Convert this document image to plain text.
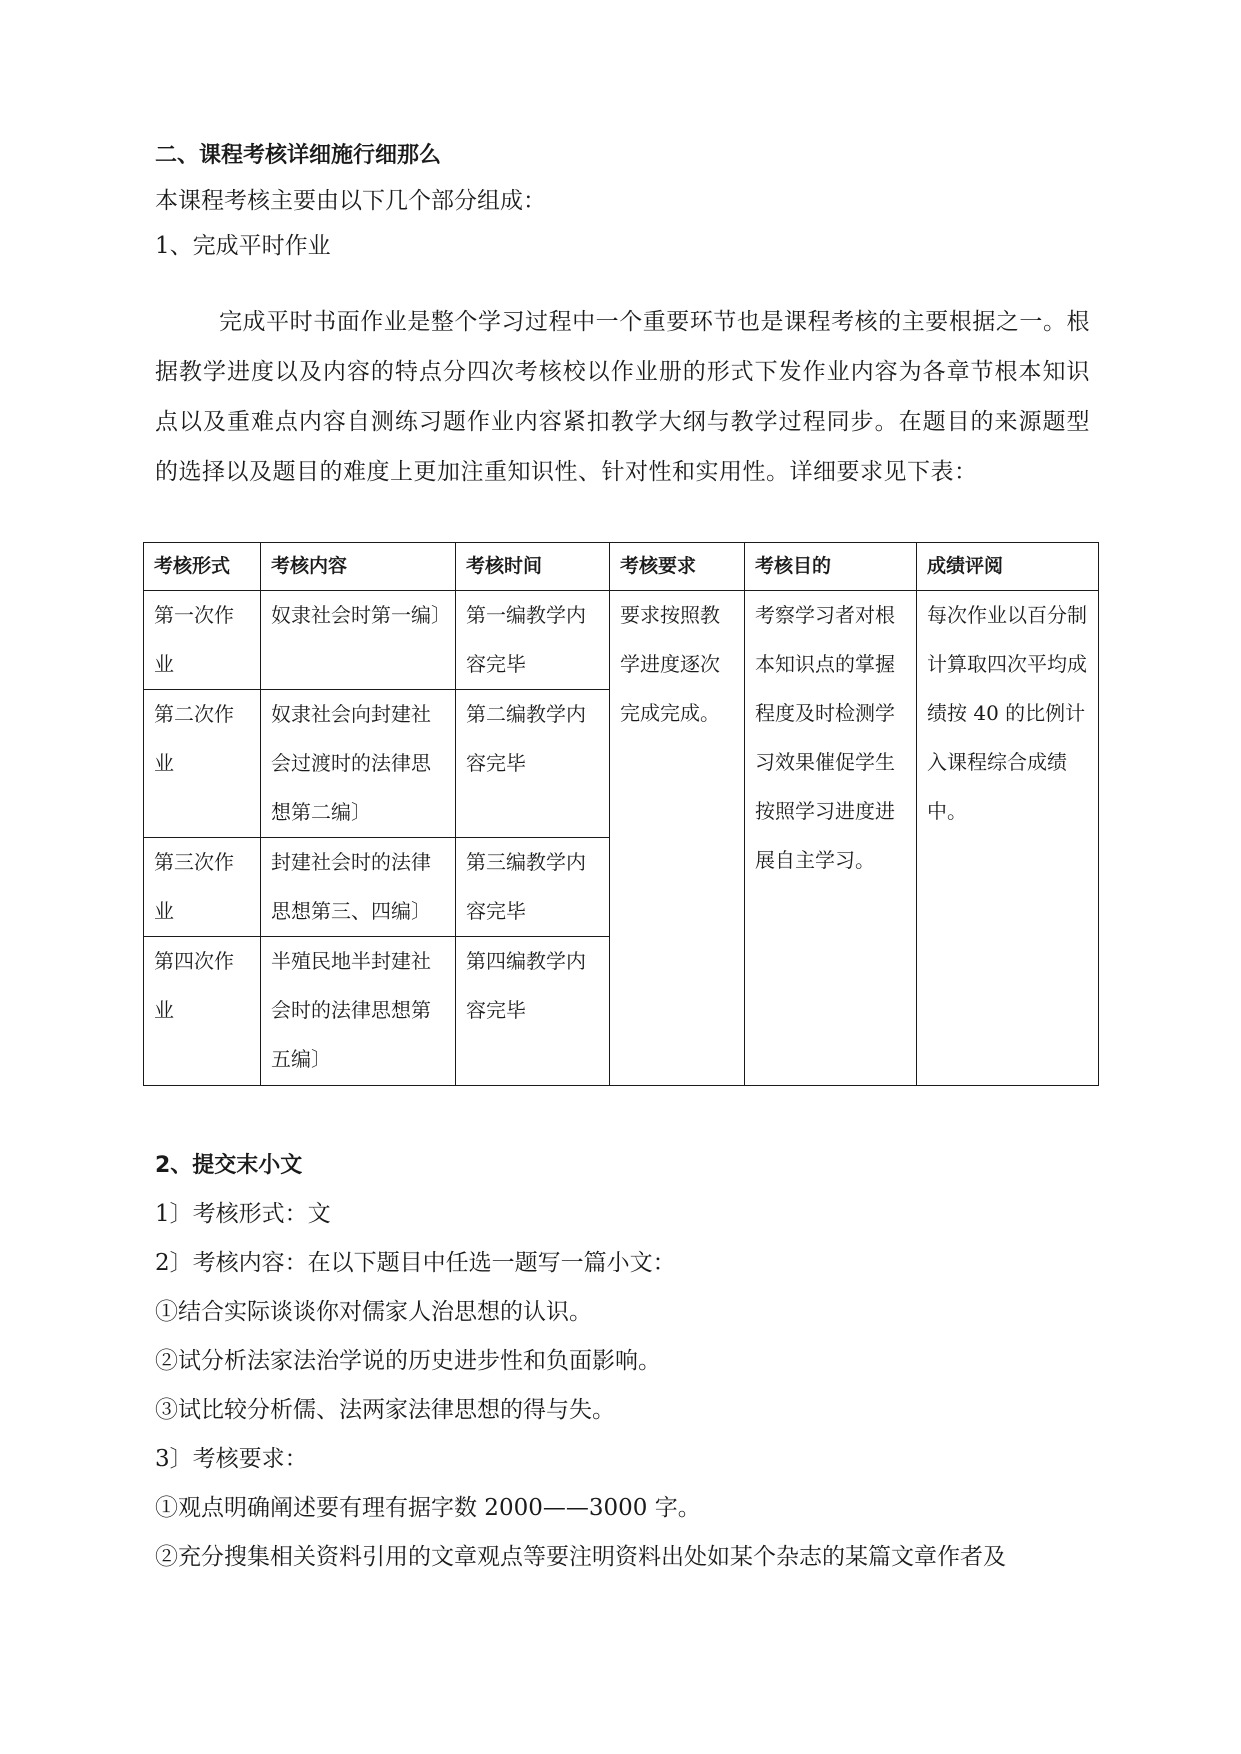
二、课程考核详细施行细那么
本课程考核主要由以下几个部分组成：
1、完成平时作业
完成平时书面作业是整个学习过程中一个重要环节也是课程考核的主要根据之一。根据教学进度以及内容的特点分四次考核校以作业册的形式下发作业内容为各章节根本知识点以及重难点内容自测练习题作业内容紧扣教学大纲与教学过程同步。在题目的来源题型的选择以及题目的难度上更加注重知识性、针对性和实用性。详细要求见下表：
考核形式	考核内容	考核时间	考核要求	考核目的	成绩评阅
第一次作业	奴隶社会时第一编〕	第一编教学内容完毕	要求按照教学进度逐次完成完成。	考察学习者对根本知识点的掌握程度及时检测学习效果催促学生按照学习进度进展自主学习。	每次作业以百分制计算取四次平均成绩按 40 的比例计入课程综合成绩中。
第二次作业	奴隶社会向封建社会过渡时的法律思想第二编〕	第二编教学内容完毕			
第三次作业	封建社会时的法律思想第三、四编〕	第三编教学内容完毕			
第四次作业	半殖民地半封建社会时的法律思想第五编〕	第四编教学内容完毕			
2、提交末小文
1〕考核形式：文
2〕考核内容：在以下题目中任选一题写一篇小文：
①结合实际谈谈你对儒家人治思想的认识。
②试分析法家法治学说的历史进步性和负面影响。
③试比较分析儒、法两家法律思想的得与失。
3〕考核要求：
①观点明确阐述要有理有据字数 2000——3000 字。
②充分搜集相关资料引用的文章观点等要注明资料出处如某个杂志的某篇文章作者及
